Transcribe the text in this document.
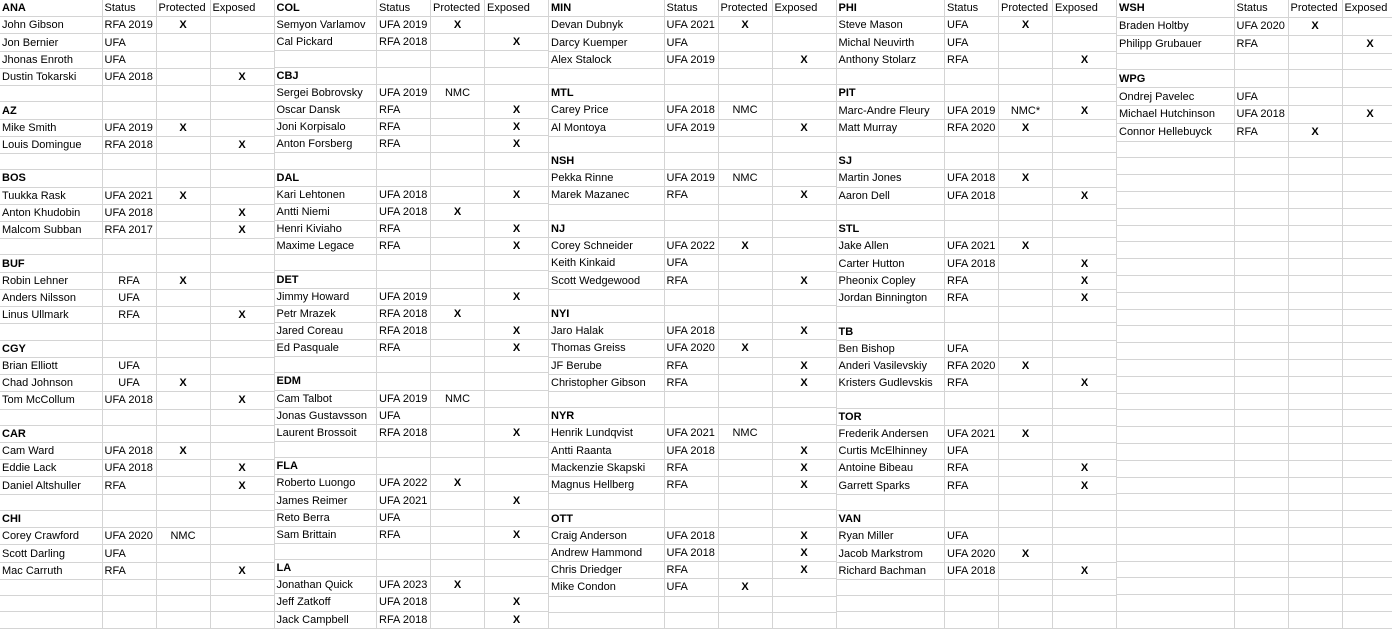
ANA	Status	Protected	Exposed
John Gibson	RFA 2019	X	
Jon Bernier	UFA		
Jhonas Enroth	UFA		
Dustin Tokarski	UFA 2018		X

AZ			
Mike Smith	UFA 2019	X	
Louis Domingue	RFA 2018		X

BOS			
Tuukka Rask	UFA 2021	X	
Anton Khudobin	UFA 2018		X
Malcom Subban	RFA 2017		X

BUF			
Robin Lehner	RFA	X	
Anders Nilsson	UFA		
Linus Ullmark	RFA		X

CGY			
Brian Elliott	UFA		
Chad Johnson	UFA	X	
Tom McCollum	UFA 2018		X

CAR			
Cam Ward	UFA 2018	X	
Eddie Lack	UFA 2018		X
Daniel Altshuller	RFA		X

CHI			
Corey Crawford	UFA 2020	NMC	
Scott Darling	UFA		
Mac Carruth	RFA		X

COL	Status	Protected	Exposed
Semyon Varlamov	UFA 2019	X	
Cal Pickard	RFA 2018		X

CBJ			
Sergei Bobrovsky	UFA 2019	NMC	
Oscar Dansk	RFA		X
Joni Korpisalo	RFA		X
Anton Forsberg	RFA		X

DAL			
Kari Lehtonen	UFA 2018		X
Antti Niemi	UFA 2018	X	
Henri Kiviaho	RFA		X
Maxime Legace	RFA		X

DET			
Jimmy Howard	UFA 2019		X
Petr Mrazek	RFA 2018	X	
Jared Coreau	RFA 2018		X
Ed Pasquale	RFA		X

EDM			
Cam Talbot	UFA 2019	NMC	
Jonas Gustavsson	UFA		
Laurent Brossoit	RFA 2018		X

FLA			
Roberto Luongo	UFA 2022	X	
James Reimer	UFA 2021		X
Reto Berra	UFA		
Sam Brittain	RFA		X

LA			
Jonathan Quick	UFA 2023	X	
Jeff Zatkoff	UFA 2018		X
Jack Campbell	RFA 2018		X
MIN	Status	Protected	Exposed
Devan Dubnyk	UFA 2021	X	
Darcy Kuemper	UFA		
Alex Stalock	UFA 2019		X

MTL			
Carey Price	UFA 2018	NMC	
Al Montoya	UFA 2019		X

NSH			
Pekka Rinne	UFA 2019	NMC	
Marek Mazanec	RFA		X

NJ			
Corey Schneider	UFA 2022	X	
Keith Kinkaid	UFA		
Scott Wedgewood	RFA		X

NYI			
Jaro Halak	UFA 2018		X
Thomas Greiss	UFA 2020	X	
JF Berube	RFA		X
Christopher Gibson	RFA		X

NYR			
Henrik Lundqvist	UFA 2021	NMC	
Antti Raanta	UFA 2018		X
Mackenzie Skapski	RFA		X
Magnus Hellberg	RFA		X

OTT			
Craig Anderson	UFA 2018		X
Andrew Hammond	UFA 2018		X
Chris Driedger	RFA		X
Mike Condon	UFA	X	

PHI	Status	Protected	Exposed
Steve Mason	UFA	X	
Michal Neuvirth	UFA		
Anthony Stolarz	RFA		X

PIT			
Marc-Andre Fleury	UFA 2019	NMC*	X
Matt Murray	RFA 2020	X	

SJ			
Martin Jones	UFA 2018	X	
Aaron Dell	UFA 2018		X

STL			
Jake Allen	UFA 2021	X	
Carter Hutton	UFA 2018		X
Pheonix Copley	RFA		X
Jordan Binnington	RFA		X

TB			
Ben Bishop	UFA		
Anderi Vasilevskiy	RFA 2020	X	
Kristers Gudlevskis	RFA		X

TOR			
Frederik Andersen	UFA 2021	X	
Curtis McElhinney	UFA		
Antoine Bibeau	RFA		X
Garrett Sparks	RFA		X

VAN			
Ryan Miller	UFA		
Jacob Markstrom	UFA 2020	X	
Richard Bachman	UFA 2018		X

WSH	Status	Protected	Exposed
Braden Holtby	UFA 2020	X	
Philipp Grubauer	RFA		X

WPG			
Ondrej Pavelec	UFA		
Michael Hutchinson	UFA 2018		X
Connor Hellebuyck	RFA	X	
